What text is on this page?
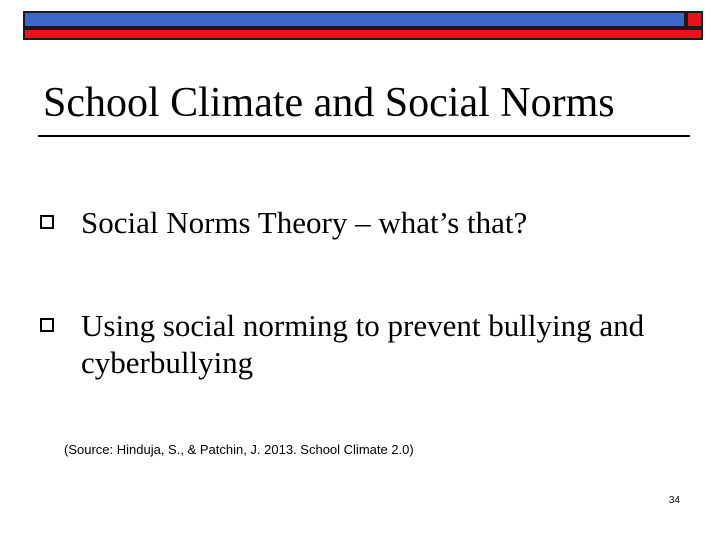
School Climate and Social Norms
Social Norms Theory – what’s that?
Using social norming to prevent bullying and cyberbullying
(Source: Hinduja, S., & Patchin, J. 2013. School Climate 2.0)
34
